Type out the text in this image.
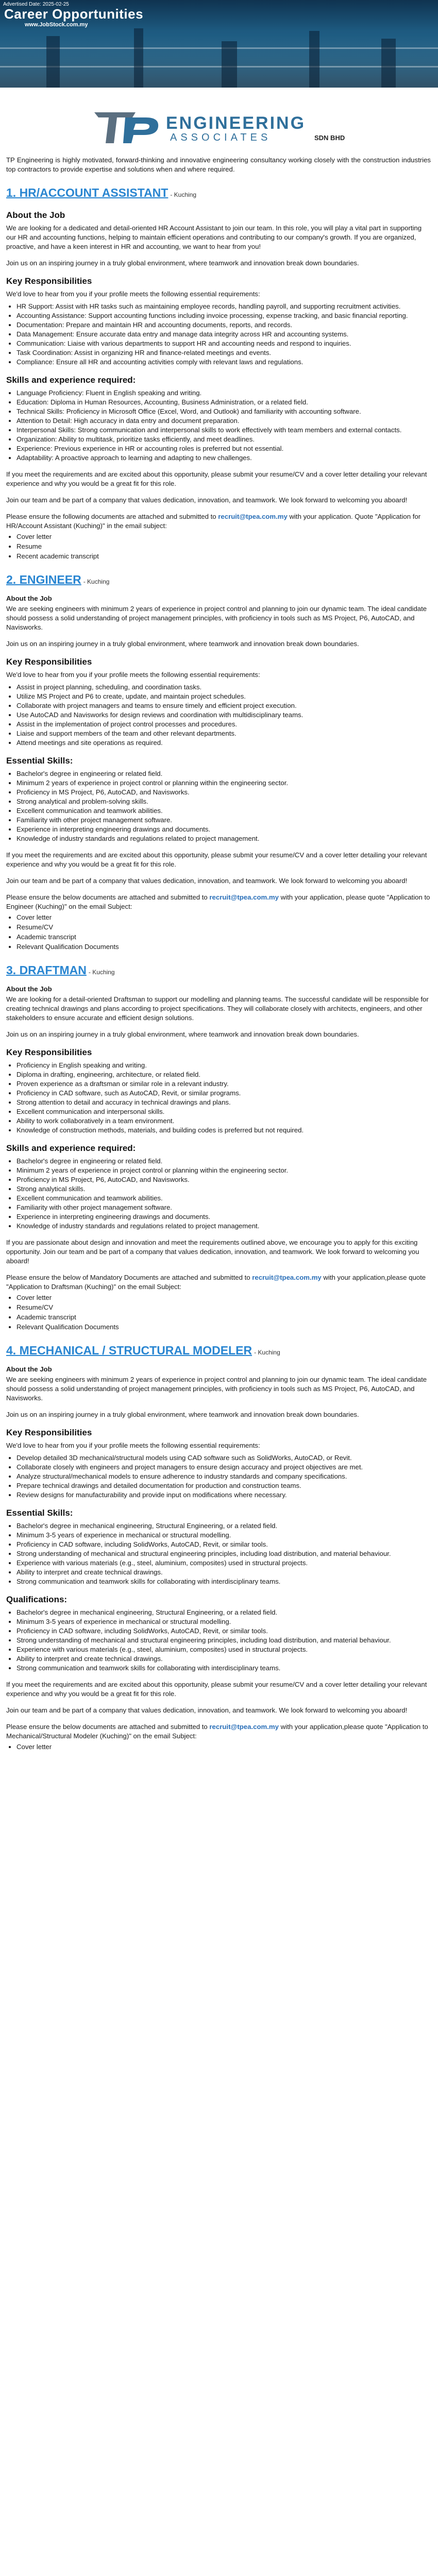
Advertised Date: 2025-02-25
Career Opportunities
www.JobStock.com.my
ENGINEERING
ASSOCIATES	SDN BHD

TP Engineering is highly motivated, forward-thinking and innovative engineering consultancy working closely with the construction industries top contractors to provide expertise and solutions when and where required.

1. HR/ACCOUNT ASSISTANT - Kuching
About the Job

We are looking for a dedicated and detail-oriented HR Account Assistant to join our team. In this role, you will play a vital part in supporting our HR and accounting functions, helping to maintain efficient operations and contributing to our company's growth. If you are organized, proactive, and have a keen interest in HR and accounting, we want to hear from you!

Join us on an inspiring journey in a truly global environment, where teamwork and innovation break down boundaries.

Key Responsibilities

We'd love to hear from you if your profile meets the following essential requirements:

• HR Support: Assist with HR tasks such as maintaining employee records, handling payroll, and supporting recruitment activities.
• Accounting Assistance: Support accounting functions including invoice processing, expense tracking, and basic financial reporting.
• Documentation: Prepare and maintain HR and accounting documents, reports, and records.
• Data Management: Ensure accurate data entry and manage data integrity across HR and accounting systems.
• Communication: Liaise with various departments to support HR and accounting needs and respond to inquiries.
• Task Coordination: Assist in organizing HR and finance-related meetings and events.
• Compliance: Ensure all HR and accounting activities comply with relevant laws and regulations.
Skills and experience required:
• Language Proficiency: Fluent in English speaking and writing.
• Education: Diploma in Human Resources, Accounting, Business Administration, or a related field.
• Technical Skills: Proficiency in Microsoft Office (Excel, Word, and Outlook) and familiarity with accounting software.
• Attention to Detail: High accuracy in data entry and document preparation.
• Interpersonal Skills: Strong communication and interpersonal skills to work effectively with team members and external contacts.
• Organization: Ability to multitask, prioritize tasks efficiently, and meet deadlines.
• Experience: Previous experience in HR or accounting roles is preferred but not essential.
• Adaptability: A proactive approach to learning and adapting to new challenges.

If you meet the requirements and are excited about this opportunity, please submit your resume/CV and a cover letter detailing your relevant experience and why you would be a great fit for this role.

Join our team and be part of a company that values dedication, innovation, and teamwork. We look forward to welcoming you aboard!

Please ensure the following documents are attached and submitted to recruit@tpea.com.my with your application. Quote "Application for HR/Account Assistant (Kuching)" in the email subject:

• Cover letter
• Resume
• Recent academic transcript
2. ENGINEER - Kuching

About the Job

We are seeking engineers with minimum 2 years of experience in project control and planning to join our dynamic team. The ideal candidate should possess a solid understanding of project management principles, with proficiency in tools such as MS Project, P6, AutoCAD, and Navisworks.

Join us on an inspiring journey in a truly global environment, where teamwork and innovation break down boundaries.

Key Responsibilities

We'd love to hear from you if your profile meets the following essential requirements:

• Assist in project planning, scheduling, and coordination tasks.
• Utilize MS Project and P6 to create, update, and maintain project schedules.
• Collaborate with project managers and teams to ensure timely and efficient project execution.
• Use AutoCAD and Navisworks for design reviews and coordination with multidisciplinary teams.
• Assist in the implementation of project control processes and procedures.
• Liaise and support members of the team and other relevant departments.
• Attend meetings and site operations as required.
Essential Skills:
• Bachelor's degree in engineering or related field.
• Minimum 2 years of experience in project control or planning within the engineering sector.
• Proficiency in MS Project, P6, AutoCAD, and Navisworks.
• Strong analytical and problem-solving skills.
• Excellent communication and teamwork abilities.
• Familiarity with other project management software.
• Experience in interpreting engineering drawings and documents.
• Knowledge of industry standards and regulations related to project management.

If you meet the requirements and are excited about this opportunity, please submit your resume/CV and a cover letter detailing your relevant experience and why you would be a great fit for this role.

Join our team and be part of a company that values dedication, innovation, and teamwork. We look forward to welcoming you aboard!

Please ensure the below documents are attached and submitted to recruit@tpea.com.my with your application, please quote "Application to Engineer (Kuching)" on the email Subject:

• Cover letter
• Resume/CV
• Academic transcript
• Relevant Qualification Documents
3. DRAFTMAN - Kuching

About the Job

We are looking for a detail-oriented Draftsman to support our modelling and planning teams. The successful candidate will be responsible for creating technical drawings and plans according to project specifications. They will collaborate closely with architects, engineers, and other stakeholders to ensure accurate and efficient design solutions.

Join us on an inspiring journey in a truly global environment, where teamwork and innovation break down boundaries.

Key Responsibilities
• Proficiency in English speaking and writing.
• Diploma in drafting, engineering, architecture, or related field.
• Proven experience as a draftsman or similar role in a relevant industry.
• Proficiency in CAD software, such as AutoCAD, Revit, or similar programs.
• Strong attention to detail and accuracy in technical drawings and plans.
• Excellent communication and interpersonal skills.
• Ability to work collaboratively in a team environment.
• Knowledge of construction methods, materials, and building codes is preferred but not required.
Skills and experience required:
• Bachelor's degree in engineering or related field.
• Minimum 2 years of experience in project control or planning within the engineering sector.
• Proficiency in MS Project, P6, AutoCAD, and Navisworks.
• Strong analytical skills.
• Excellent communication and teamwork abilities.
• Familiarity with other project management software.
• Experience in interpreting engineering drawings and documents.
• Knowledge of industry standards and regulations related to project management.

If you are passionate about design and innovation and meet the requirements outlined above, we encourage you to apply for this exciting opportunity. Join our team and be part of a company that values dedication, innovation, and teamwork. We look forward to welcoming you aboard!

Please ensure the below of Mandatory Documents are attached and submitted to recruit@tpea.com.my with your application,please quote "Application to Draftsman (Kuching)" on the email Subject:

• Cover letter
• Resume/CV
• Academic transcript
• Relevant Qualification Documents
4. MECHANICAL / STRUCTURAL MODELER - Kuching

About the Job

We are seeking engineers with minimum 2 years of experience in project control and planning to join our dynamic team. The ideal candidate should possess a solid understanding of project management principles, with proficiency in tools such as MS Project, P6, AutoCAD, and Navisworks.

Join us on an inspiring journey in a truly global environment, where teamwork and innovation break down boundaries.

Key Responsibilities

We'd love to hear from you if your profile meets the following essential requirements:

• Develop detailed 3D mechanical/structural models using CAD software such as SolidWorks, AutoCAD, or Revit.
• Collaborate closely with engineers and project managers to ensure design accuracy and project objectives are met.
• Analyze structural/mechanical models to ensure adherence to industry standards and company specifications.
• Prepare technical drawings and detailed documentation for production and construction teams.
• Review designs for manufacturability and provide input on modifications where necessary.
Essential Skills:
• Bachelor's degree in mechanical engineering, Structural Engineering, or a related field.
• Minimum 3-5 years of experience in mechanical or structural modelling.
• Proficiency in CAD software, including SolidWorks, AutoCAD, Revit, or similar tools.
• Strong understanding of mechanical and structural engineering principles, including load distribution, and material behaviour.
• Experience with various materials (e.g., steel, aluminium, composites) used in structural projects.
• Ability to interpret and create technical drawings.
• Strong communication and teamwork skills for collaborating with interdisciplinary teams.
Qualifications:
• Bachelor's degree in mechanical engineering, Structural Engineering, or a related field.
• Minimum 3-5 years of experience in mechanical or structural modelling.
• Proficiency in CAD software, including SolidWorks, AutoCAD, Revit, or similar tools.
• Strong understanding of mechanical and structural engineering principles, including load distribution, and material behaviour.
• Experience with various materials (e.g., steel, aluminium, composites) used in structural projects.
• Ability to interpret and create technical drawings.
• Strong communication and teamwork skills for collaborating with interdisciplinary teams.

If you meet the requirements and are excited about this opportunity, please submit your resume/CV and a cover letter detailing your relevant experience and why you would be a great fit for this role.

Join our team and be part of a company that values dedication, innovation, and teamwork. We look forward to welcoming you aboard!

Please ensure the below documents are attached and submitted to recruit@tpea.com.my with your application,please quote "Application to Mechanical/Structural Modeler (Kuching)" on the email Subject:

• Cover letter
